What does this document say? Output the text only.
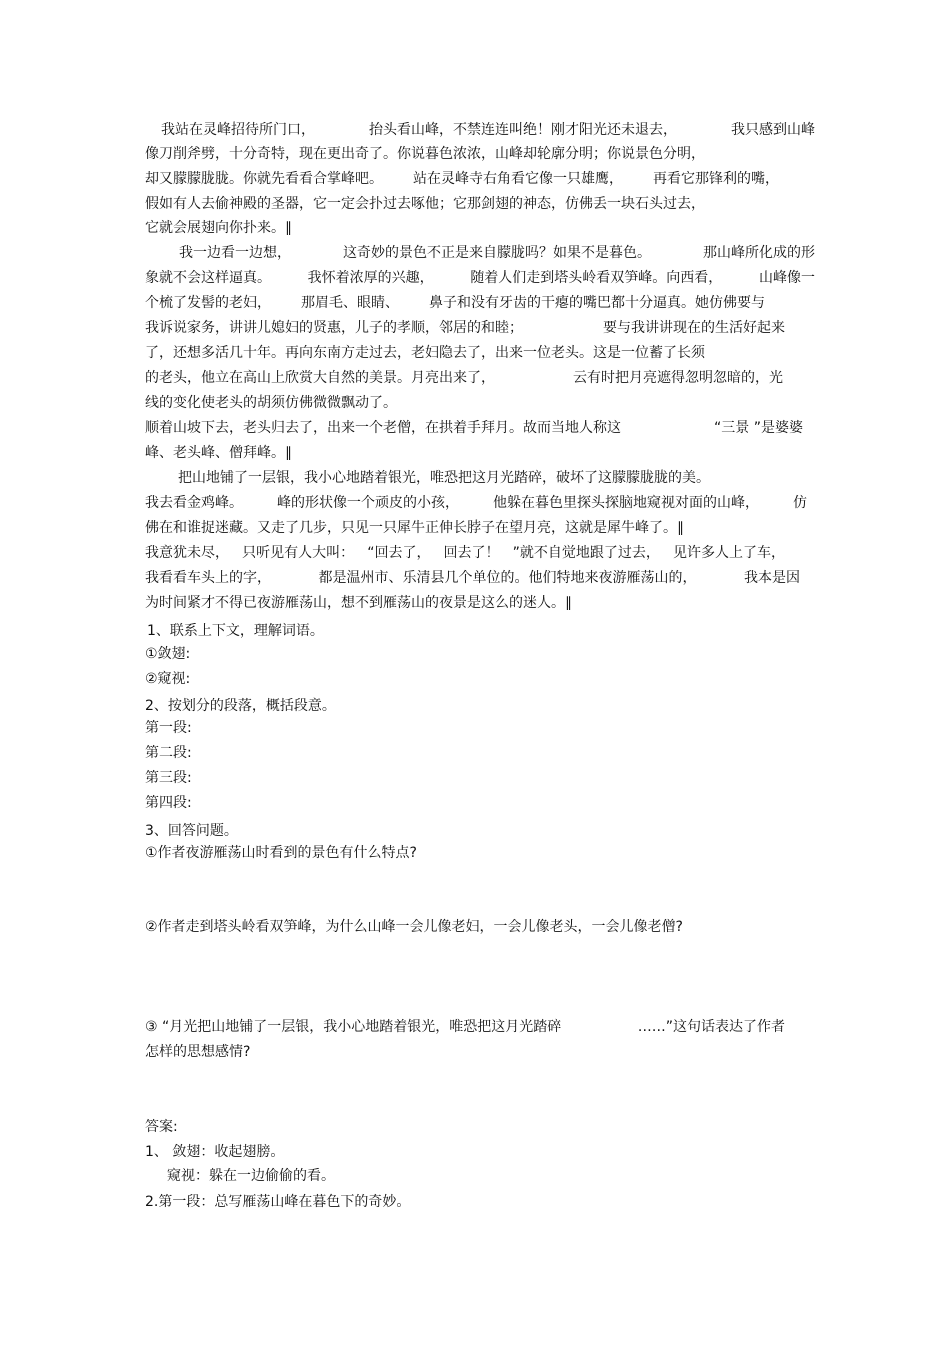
我站在灵峰招待所门口，	抬头看山峰，不禁连连叫绝！刚才阳光还未退去，	我只感到山峰
像刀削斧劈，十分奇特，现在更出奇了。你说暮色浓浓，山峰却轮廓分明；你说景色分明，
却又朦朦胧胧。你就先看看合掌峰吧。 站在灵峰寺右角看它像一只雄鹰， 再看它那锋利的嘴，
假如有人去偷神殿的圣器，它一定会扑过去啄他；它那剑翅的神态，仿佛丢一块石头过去，
它就会展翅向你扑来。∥
我一边看一边想，	这奇妙的景色不正是来自朦胧吗？如果不是暮色。	那山峰所化成的形
象就不会这样逼真。	我怀着浓厚的兴趣，	随着人们走到塔头岭看双笋峰。向西看，	山峰像一
个梳了发髻的老妇， 那眉毛、眼睛、 鼻子和没有牙齿的干瘪的嘴巴都十分逼真。她仿佛要与
我诉说家务，讲讲儿媳妇的贤惠，儿子的孝顺，邻居的和睦；	要与我讲讲现在的生活好起来
了，还想多活几十年。再向东南方走过去，老妇隐去了，出来一位老头。这是一位蓄了长须
的老头，他立在高山上欣赏大自然的美景。月亮出来了，	云有时把月亮遮得忽明忽暗的，光
线的变化使老头的胡须仿佛微微飘动了。
顺着山坡下去，老头归去了，出来一个老僧，在拱着手拜月。故而当地人称这	“三景 ”是婆婆
峰、老头峰、僧拜峰。∥
把山地铺了一层银，我小心地踏着银光，唯恐把这月光踏碎，破坏了这朦朦胧胧的美。
我去看金鸡峰。 峰的形状像一个顽皮的小孩， 他躲在暮色里探头探脑地窥视对面的山峰， 仿
佛在和谁捉迷藏。又走了几步，只见一只犀牛正伸长脖子在望月亮，这就是犀牛峰了。∥
我意犹未尽， 只听见有人大叫： “回去了， 回去了！ ”就不自觉地跟了过去， 见许多人上了车，
我看看车头上的字，	都是温州市、乐清县几个单位的。他们特地来夜游雁荡山的，	我本是因
为时间紧才不得已夜游雁荡山，想不到雁荡山的夜景是这么的迷人。∥
1、联系上下文，理解词语。
①敛翅:
②窥视:
2、按划分的段落，概括段意。
第一段:
第二段:
第三段:
第四段:
3、回答问题。
①作者夜游雁荡山时看到的景色有什么特点?
②作者走到塔头岭看双笋峰，为什么山峰一会儿像老妇，一会儿像老头，一会儿像老僧?
③ “月光把山地铺了一层银，我小心地踏着银光，唯恐把这月光踏碎	……”这句话表达了作者
怎样的思想感情?
答案:
1、 敛翅：收起翅膀。
窥视：躲在一边偷偷的看。
2.第一段：总写雁荡山峰在暮色下的奇妙。
